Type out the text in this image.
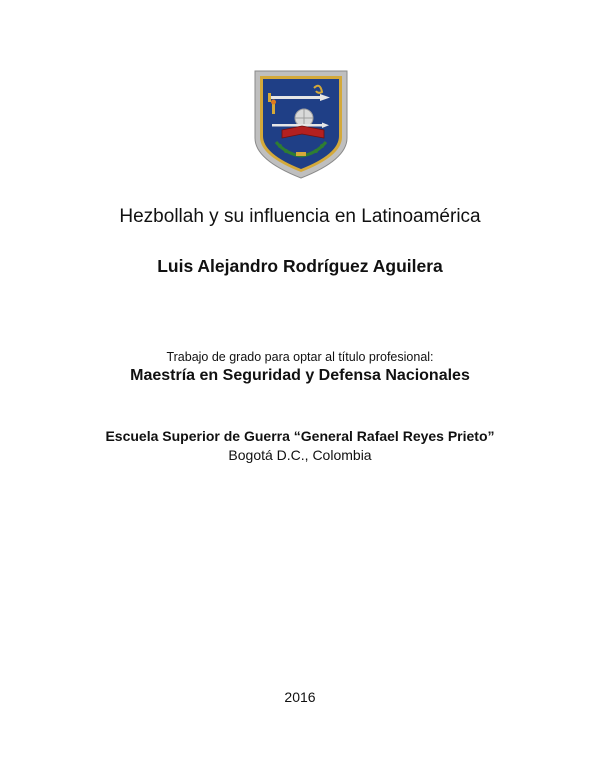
Hezbollah y su influencia en Latinoamérica
Luis Alejandro Rodríguez Aguilera
Trabajo de grado para optar al título profesional:
Maestría en Seguridad y Defensa Nacionales
Escuela Superior de Guerra “General Rafael Reyes Prieto”
Bogotá D.C., Colombia
2016
